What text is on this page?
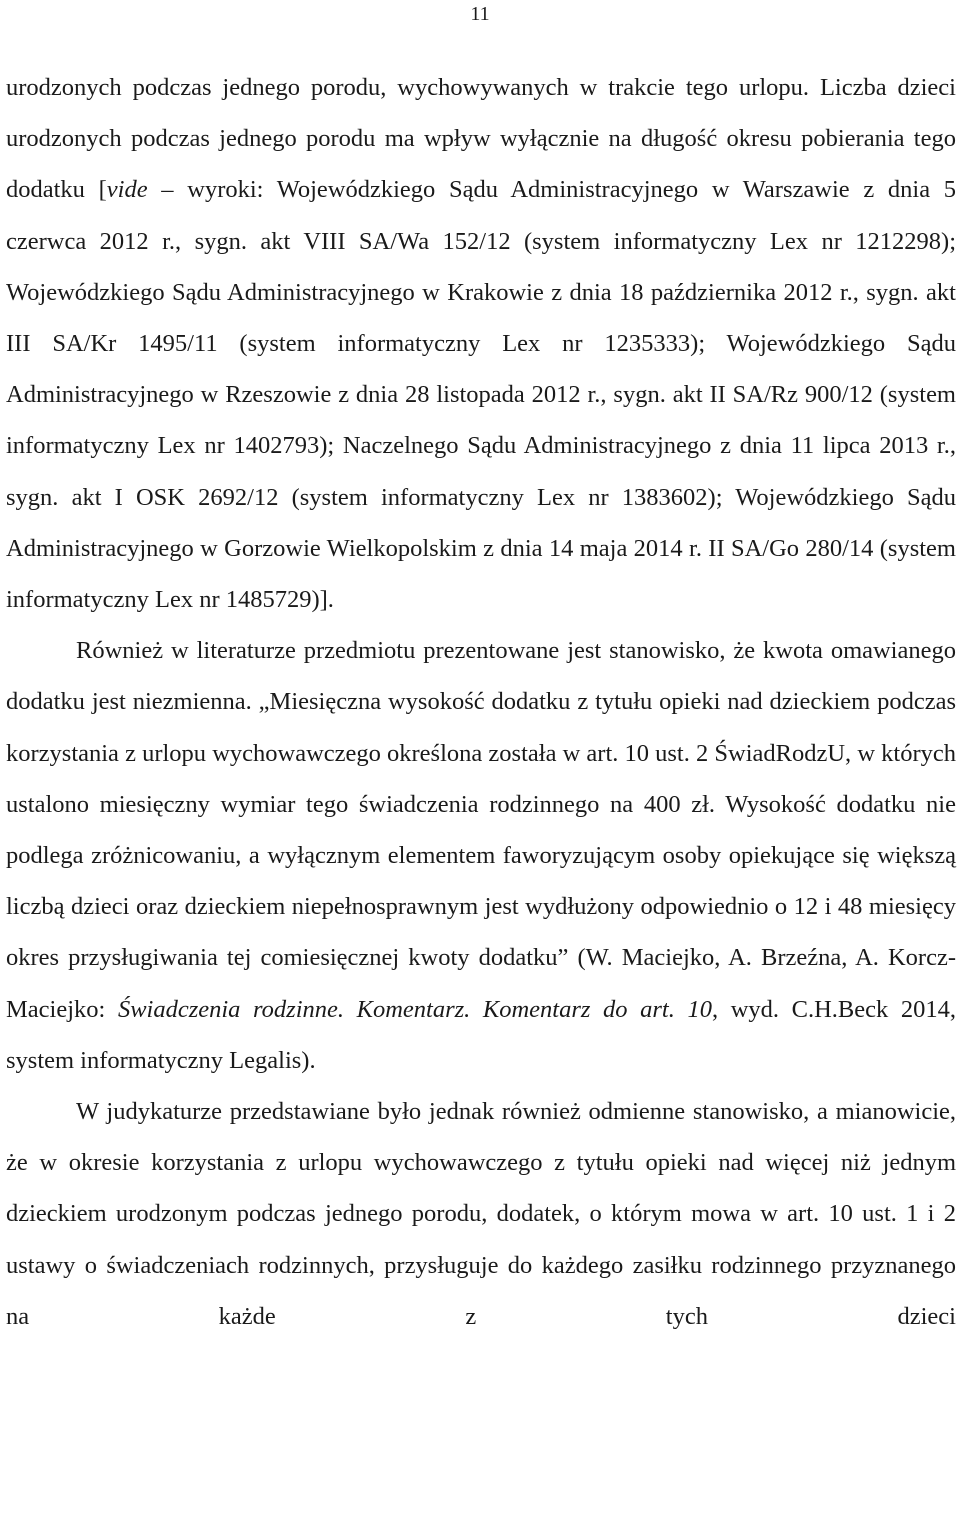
11

urodzonych podczas jednego porodu, wychowywanych w trakcie tego urlopu. Liczba dzieci urodzonych podczas jednego porodu ma wpływ wyłącznie na długość okresu pobierania tego dodatku [vide – wyroki: Wojewódzkiego Sądu Administracyjnego w Warszawie z dnia 5 czerwca 2012 r., sygn. akt VIII SA/Wa 152/12 (system informatyczny Lex nr 1212298); Wojewódzkiego Sądu Administracyjnego w Krakowie z dnia 18 października 2012 r., sygn. akt III SA/Kr 1495/11 (system informatyczny Lex nr 1235333); Wojewódzkiego Sądu Administracyjnego w Rzeszowie z dnia 28 listopada 2012 r., sygn. akt II SA/Rz 900/12 (system informatyczny Lex nr 1402793); Naczelnego Sądu Administracyjnego z dnia 11 lipca 2013 r., sygn. akt I OSK 2692/12 (system informatyczny Lex nr 1383602); Wojewódzkiego Sądu Administracyjnego w Gorzowie Wielkopolskim z dnia 14 maja 2014 r. II SA/Go 280/14 (system informatyczny Lex nr 1485729)].

Również w literaturze przedmiotu prezentowane jest stanowisko, że kwota omawianego dodatku jest niezmienna. „Miesięczna wysokość dodatku z tytułu opieki nad dzieckiem podczas korzystania z urlopu wychowawczego określona została w art. 10 ust. 2 ŚwiadRodzU, w których ustalono miesięczny wymiar tego świadczenia rodzinnego na 400 zł. Wysokość dodatku nie podlega zróżnicowaniu, a wyłącznym elementem faworyzującym osoby opiekujące się większą liczbą dzieci oraz dzieckiem niepełnosprawnym jest wydłużony odpowiednio o 12 i 48 miesięcy okres przysługiwania tej comiesięcznej kwoty dodatku” (W. Maciejko, A. Brzeźna, A. Korcz-Maciejko: Świadczenia rodzinne. Komentarz. Komentarz do art. 10, wyd. C.H.Beck 2014, system informatyczny Legalis).

W judykaturze przedstawiane było jednak również odmienne stanowisko, a mianowicie, że w okresie korzystania z urlopu wychowawczego z tytułu opieki nad więcej niż jednym dzieckiem urodzonym podczas jednego porodu, dodatek, o którym mowa w art. 10 ust. 1 i 2 ustawy o świadczeniach rodzinnych, przysługuje do każdego zasiłku rodzinnego przyznanego na każde z tych dzieci
